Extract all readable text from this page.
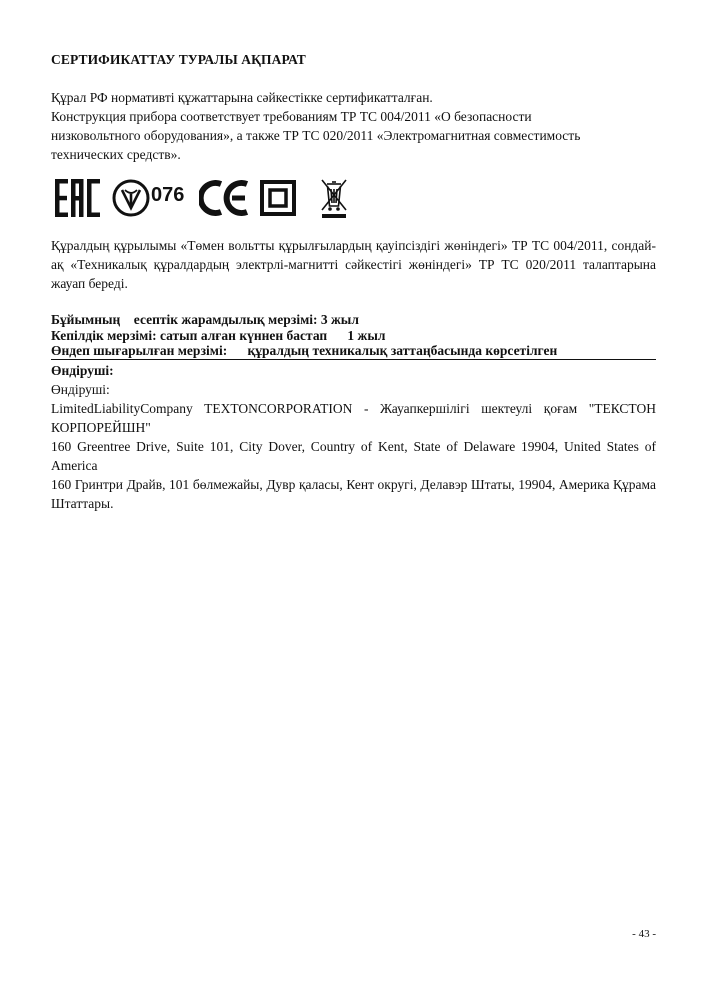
СЕРТИФИКАТТАУ ТУРАЛЫ АҚПАРАТ

Құрал РФ нормативті құжаттарына сәйкестікке сертификатталған.

Конструкция прибора соответствует требованиям ТР ТС 004/2011 «О безопасности

низковольтного оборудования», а также ТР ТС 020/2011 «Электромагнитная совместимость

технических средств».

076
Құралдың құрылымы «Төмен вольтты құрылғылардың қауіпсіздігі жөніндегі» ТР ТС 004/2011, сондай-ақ «Техникалық құралдардың электрлі-магнитті сәйкестігі жөніндегі» ТР ТС 020/2011 талаптарына жауап береді.
Бұйымның    есептік жарамдылық мерзімі: 3 жыл
Кепілдік мерзімі: сатып алған күннен бастап      1 жыл
Өндеп шығарылған мерзімі:      құралдың техникалық заттаңбасында көрсетілген

Өндіруші:

Өндіруші:

LimitedLiabilityCompany TEXTONCORPORATION - Жауапкершілігі шектеулі қоғам "ТЕКСТОН КОРПОРЕЙШН"

160 Greentree Drive, Suite 101, City Dover, Country of Kent, State of Delaware 19904, United States of America

160 Гринтри Драйв, 101 бөлмежайы, Дувр қаласы, Кент округі, Делавэр Штаты, 19904, Америка Құрама Штаттары.

- 43 -
